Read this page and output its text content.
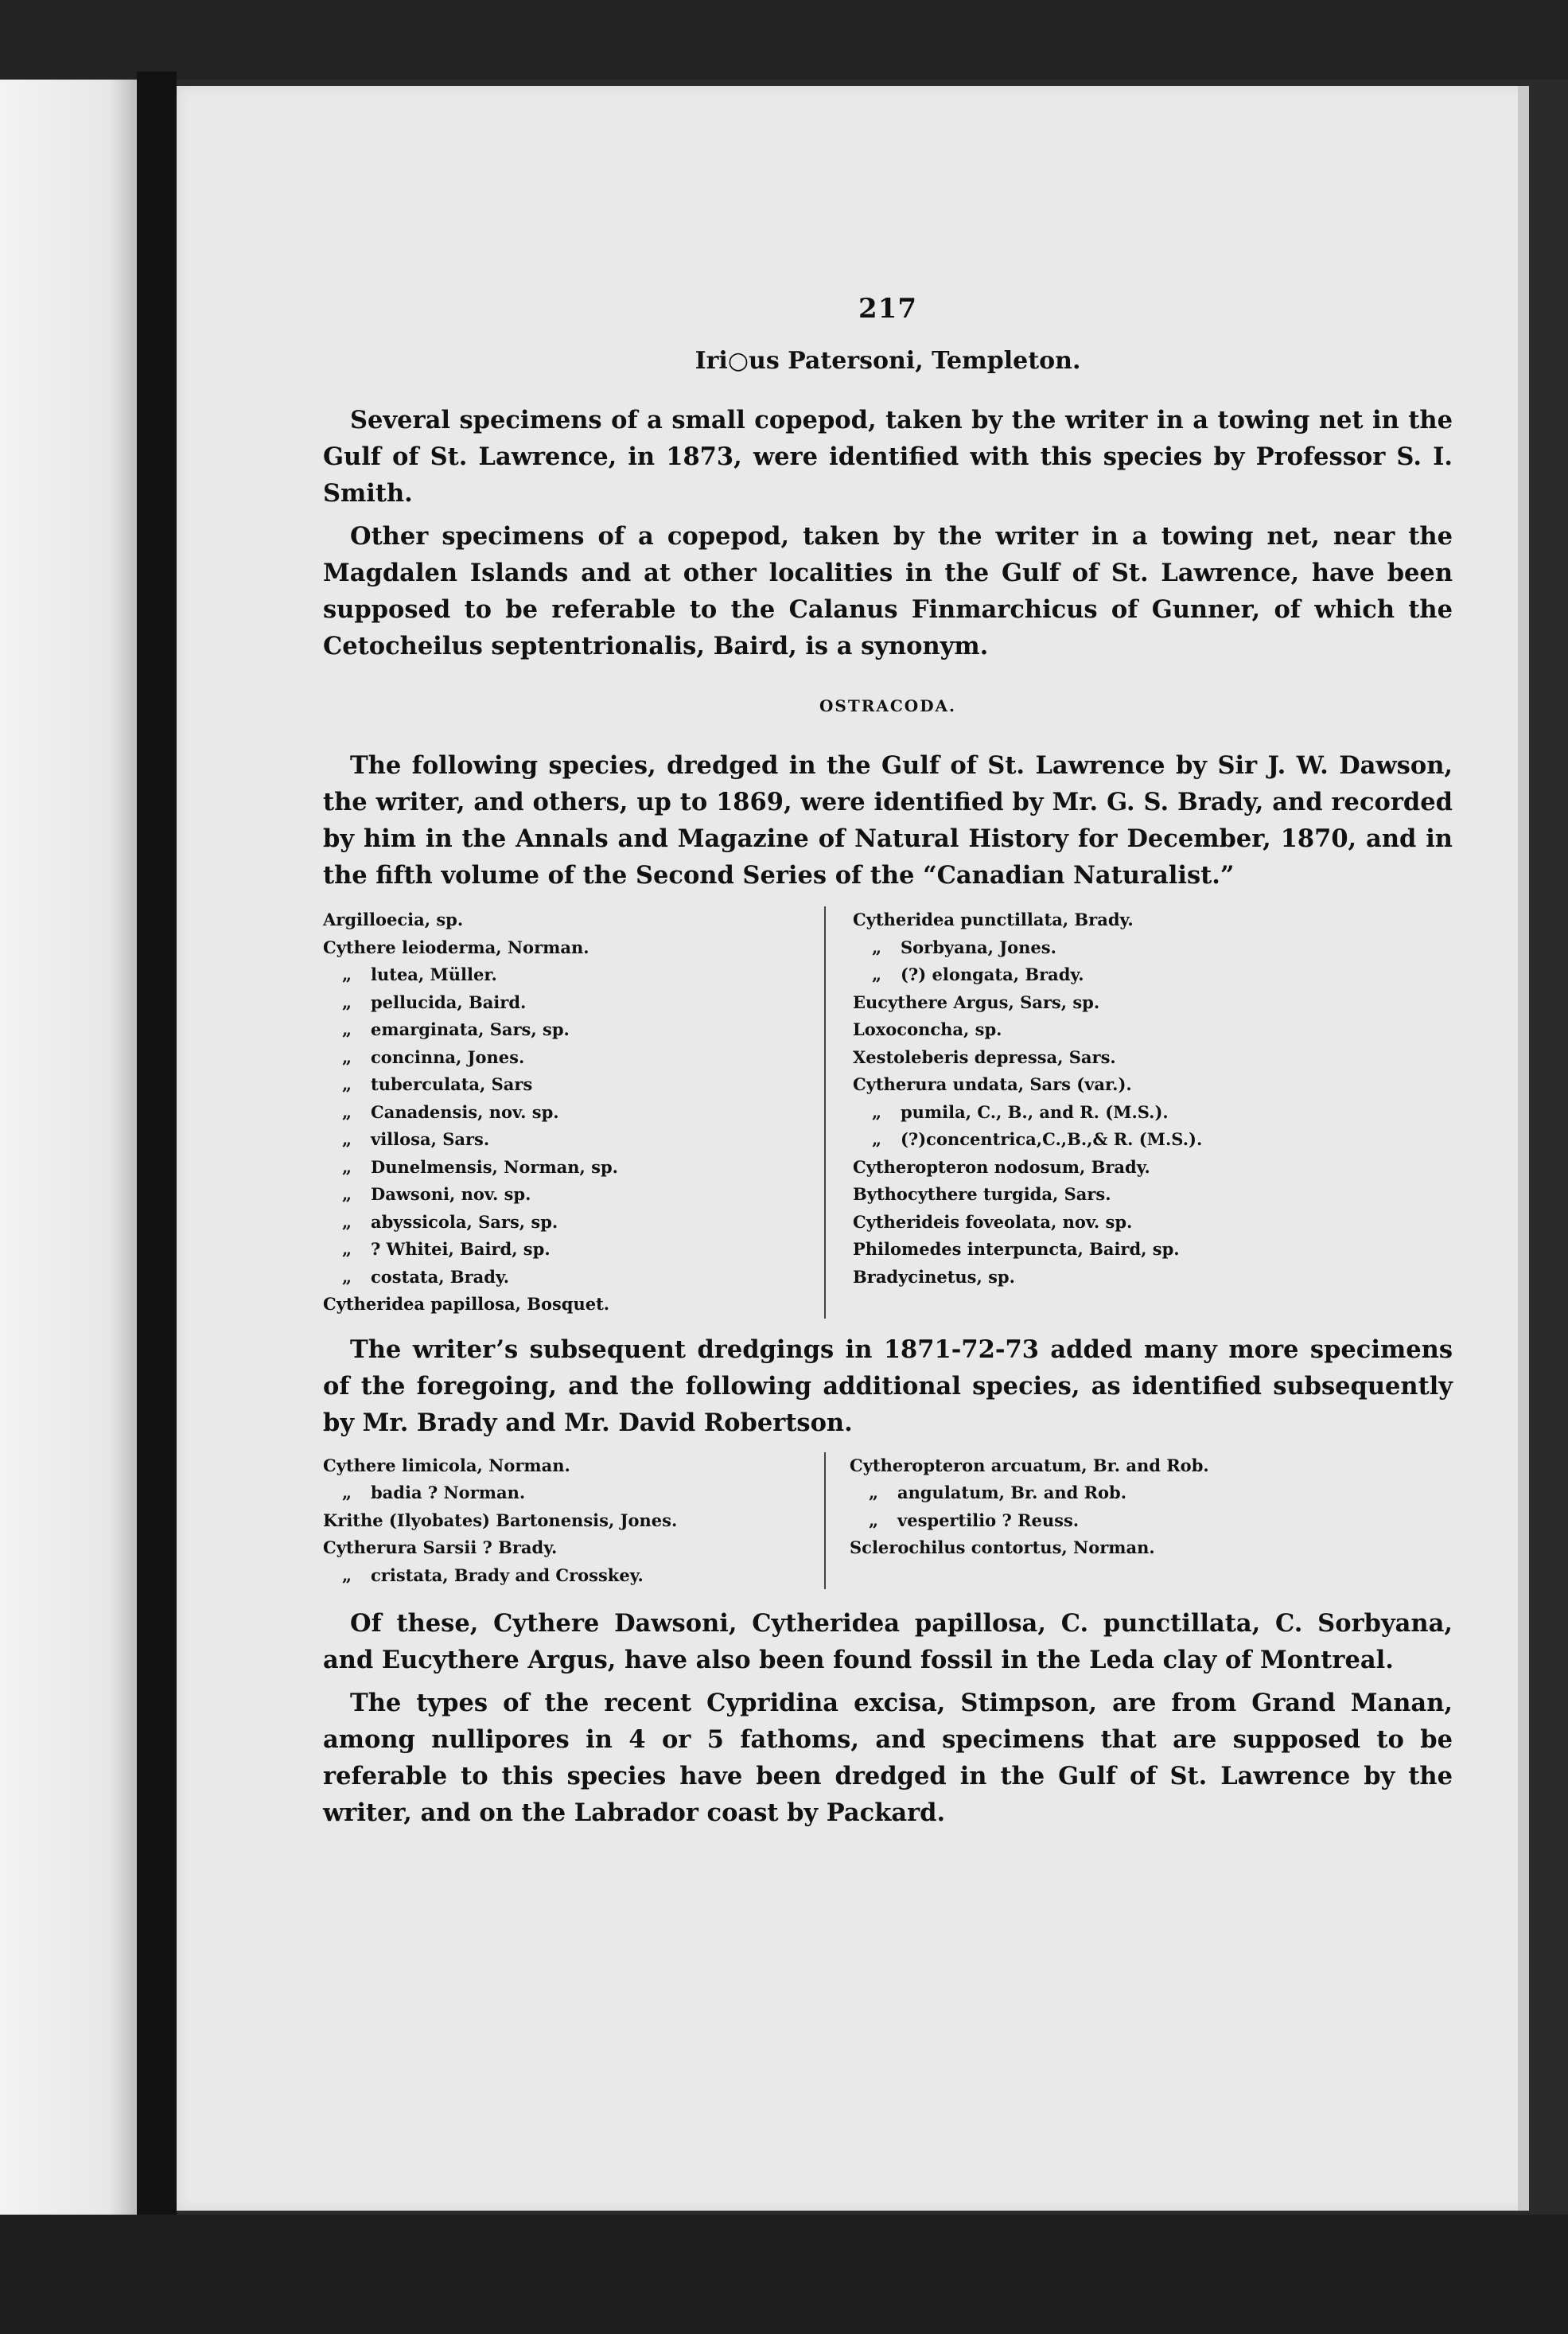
217
Iri○us Patersoni, Templeton.

Several specimens of a small copepod, taken by the writer in a towing net in the Gulf of St. Lawrence, in 1873, were identified with this species by Professor S. I. Smith.

Other specimens of a copepod, taken by the writer in a towing net, near the Magdalen Islands and at other localities in the Gulf of St. Lawrence, have been supposed to be referable to the Calanus Finmarchicus of Gunner, of which the Cetocheilus septentrionalis, Baird, is a synonym.

OSTRACODA.

The following species, dredged in the Gulf of St. Lawrence by Sir J. W. Dawson, the writer, and others, up to 1869, were identified by Mr. G. S. Brady, and recorded by him in the Annals and Magazine of Natural History for December, 1870, and in the fifth volume of the Second Series of the “Canadian Naturalist.”

Argilloecia, sp.
Cythere leioderma, Norman.
„ lutea, Müller.
„ pellucida, Baird.
„ emarginata, Sars, sp.
„ concinna, Jones.
„ tuberculata, Sars
„ Canadensis, nov. sp.
„ villosa, Sars.
„ Dunelmensis, Norman, sp.
„ Dawsoni, nov. sp.
„ abyssicola, Sars, sp.
„ ? Whitei, Baird, sp.
„ costata, Brady.
Cytheridea papillosa, Bosquet.
Cytheridea punctillata, Brady.
„ Sorbyana, Jones.
„ (?) elongata, Brady.
Eucythere Argus, Sars, sp.
Loxoconcha, sp.
Xestoleberis depressa, Sars.
Cytherura undata, Sars (var.).
„ pumila, C., B., and R. (M.S.).
„ (?)concentrica,C.,B.,& R. (M.S.).
Cytheropteron nodosum, Brady.
Bythocythere turgida, Sars.
Cytherideis foveolata, nov. sp.
Philomedes interpuncta, Baird, sp.
Bradycinetus, sp.

The writer’s subsequent dredgings in 1871-72-73 added many more specimens of the foregoing, and the following additional species, as identified subsequently by Mr. Brady and Mr. David Robertson.

Cythere limicola, Norman.
„ badia ? Norman.
Krithe (Ilyobates) Bartonensis, Jones.
Cytherura Sarsii ? Brady.
„ cristata, Brady and Crosskey.
Cytheropteron arcuatum, Br. and Rob.
„ angulatum, Br. and Rob.
„ vespertilio ? Reuss.
Sclerochilus contortus, Norman.

Of these, Cythere Dawsoni, Cytheridea papillosa, C. punctillata, C. Sorbyana, and Eucythere Argus, have also been found fossil in the Leda clay of Montreal.

The types of the recent Cypridina excisa, Stimpson, are from Grand Manan, among nullipores in 4 or 5 fathoms, and specimens that are supposed to be referable to this species have been dredged in the Gulf of St. Lawrence by the writer, and on the Labrador coast by Packard.
